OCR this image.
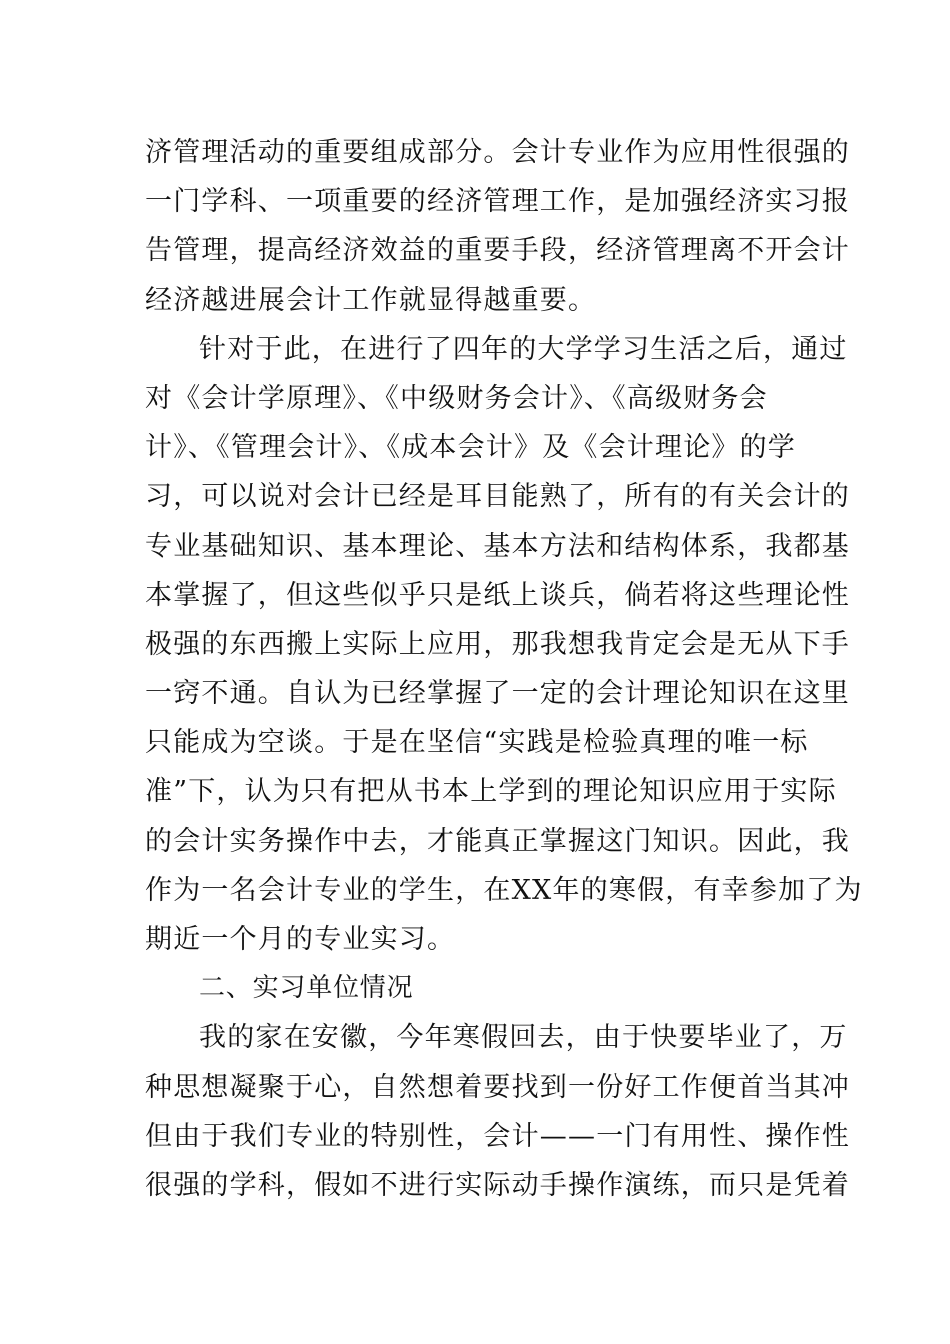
济管理活动的重要组成部分。会计专业作为应用性很强的
一门学科、一项重要的经济管理工作，是加强经济实习报
告管理，提高经济效益的重要手段，经济管理离不开会计
经济越进展会计工作就显得越重要。
针对于此，在进行了四年的大学学习生活之后，通过
对《会计学原理》、《中级财务会计》、《高级财务会
计》、《管理会计》、《成本会计》及《会计理论》的学
习，可以说对会计已经是耳目能熟了，所有的有关会计的
专业基础知识、基本理论、基本方法和结构体系，我都基
本掌握了，但这些似乎只是纸上谈兵，倘若将这些理论性
极强的东西搬上实际上应用，那我想我肯定会是无从下手
一窍不通。自认为已经掌握了一定的会计理论知识在这里
只能成为空谈。于是在坚信“实践是检验真理的唯一标
准”下，认为只有把从书本上学到的理论知识应用于实际
的会计实务操作中去，才能真正掌握这门知识。因此，我
作为一名会计专业的学生，在XX年的寒假，有幸参加了为
期近一个月的专业实习。
二、实习单位情况
我的家在安徽，今年寒假回去，由于快要毕业了，万
种思想凝聚于心，自然想着要找到一份好工作便首当其冲
但由于我们专业的特别性，会计——一门有用性、操作性
很强的学科，假如不进行实际动手操作演练，而只是凭着
